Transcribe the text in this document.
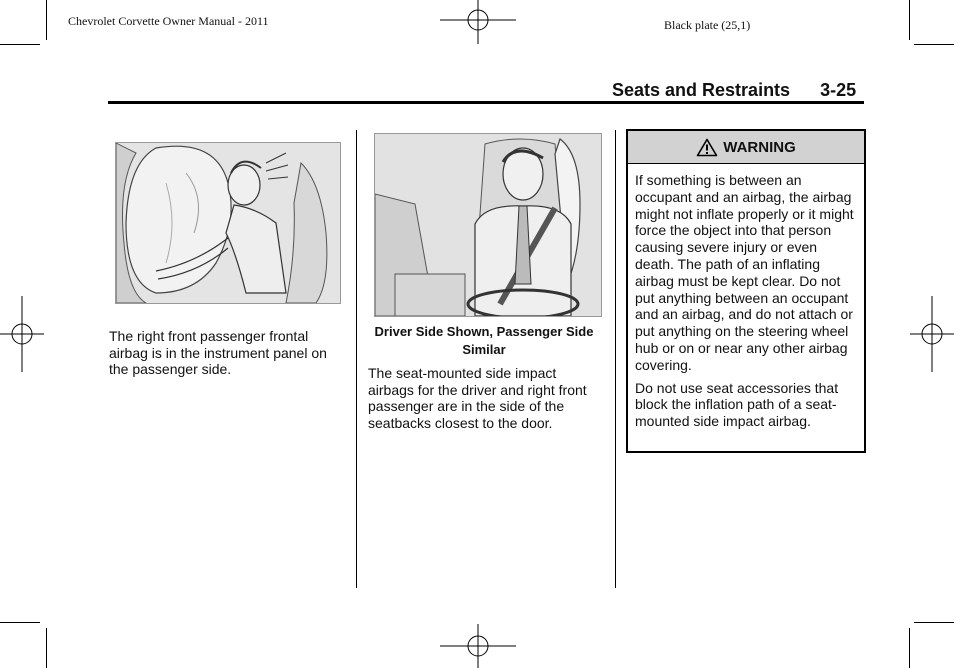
Chevrolet Corvette Owner Manual - 2011	Black plate (25,1)
Seats and Restraints 3-25
The right front passenger frontal airbag is in the instrument panel on the passenger side.
Driver Side Shown, Passenger Side Similar
The seat-mounted side impact airbags for the driver and right front passenger are in the side of the seatbacks closest to the door.
WARNING

If something is between an occupant and an airbag, the airbag might not inflate properly or it might force the object into that person causing severe injury or even death. The path of an inflating airbag must be kept clear. Do not put anything between an occupant and an airbag, and do not attach or put anything on the steering wheel hub or on or near any other airbag covering.

Do not use seat accessories that block the inflation path of a seat-mounted side impact airbag.
